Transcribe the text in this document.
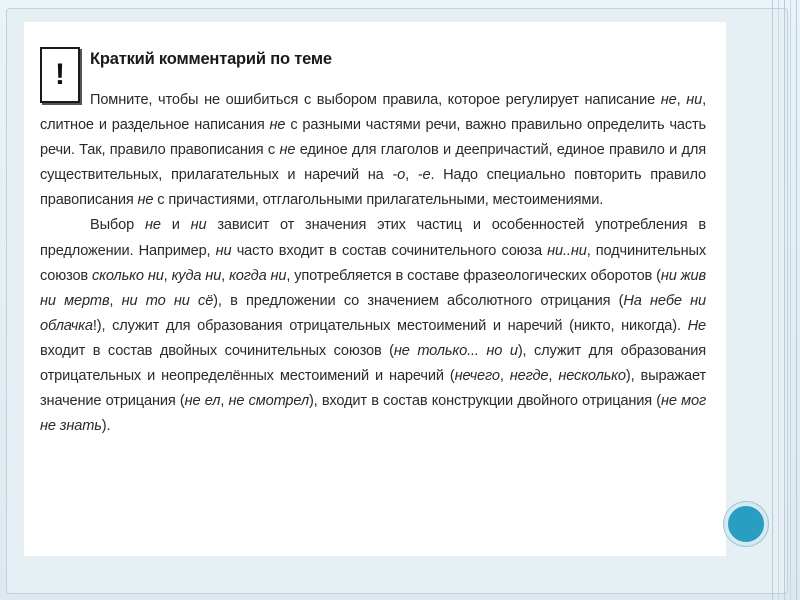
!	Краткий комментарий по теме

Помните, чтобы не ошибиться с выбором правила, которое регулирует написание не, ни, слитное и раздельное написания не с разными частями речи, важно правильно определить часть речи. Так, правило правописания с не единое для глаголов и деепричастий, единое правило и для существительных, прилагательных и наречий на -о, -е. Надо специально повторить правило правописания не с причастиями, отглагольными прилагательными, местоимениями.

Выбор не и ни зависит от значения этих частиц и особенностей употребления в предложении. Например, ни часто входит в состав сочинительного союза ни..ни, подчинительных союзов сколько ни, куда ни, когда ни, употребляется в составе фразеологических оборотов (ни жив ни мертв, ни то ни сё), в предложении со значением абсолютного отрицания (На небе ни облачка!), служит для образования отрицательных местоимений и наречий (никто, никогда). Не входит в состав двойных сочинительных союзов (не только... но и), служит для образования отрицательных и неопределённых местоимений и наречий (нечего, негде, несколько), выражает значение отрицания (не ел, не смотрел), входит в состав конструкции двойного отрицания (не мог не знать).
